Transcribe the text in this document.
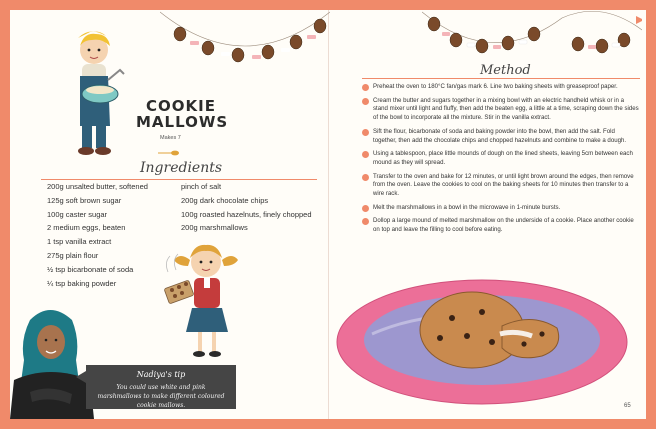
COOKIE
MALLOWS
Makes 7
Ingredients
200g unsalted butter, softened
125g soft brown sugar
100g caster sugar
2 medium eggs, beaten
1 tsp vanilla extract
275g plain flour
½ tsp bicarbonate of soda
¼ tsp baking powder
pinch of salt
200g dark chocolate chips
100g roasted hazelnuts, finely chopped
200g marshmallows
Nadiya's tip
You could use white and pink marshmallows to make different coloured cookie mallows.
Method
Preheat the oven to 180°C fan/gas mark 6. Line two baking sheets with greaseproof paper.
Cream the butter and sugars together in a mixing bowl with an electric handheld whisk or in a stand mixer until light and fluffy, then add the beaten egg, a little at a time, scraping down the sides of the bowl to incorporate all the mixture. Stir in the vanilla extract.
Sift the flour, bicarbonate of soda and baking powder into the bowl, then add the salt. Fold together, then add the chocolate chips and chopped hazelnuts and combine to make a dough.
Using a tablespoon, place little mounds of dough on the lined sheets, leaving 5cm between each mound as they will spread.
Transfer to the oven and bake for 12 minutes, or until light brown around the edges, then remove from the oven. Leave the cookies to cool on the baking sheets for 10 minutes then transfer to a wire rack.
Melt the marshmallows in a bowl in the microwave in 1-minute bursts.
Dollop a large mound of melted marshmallow on the underside of a cookie. Place another cookie on top and leave the filling to cool before eating.
65
